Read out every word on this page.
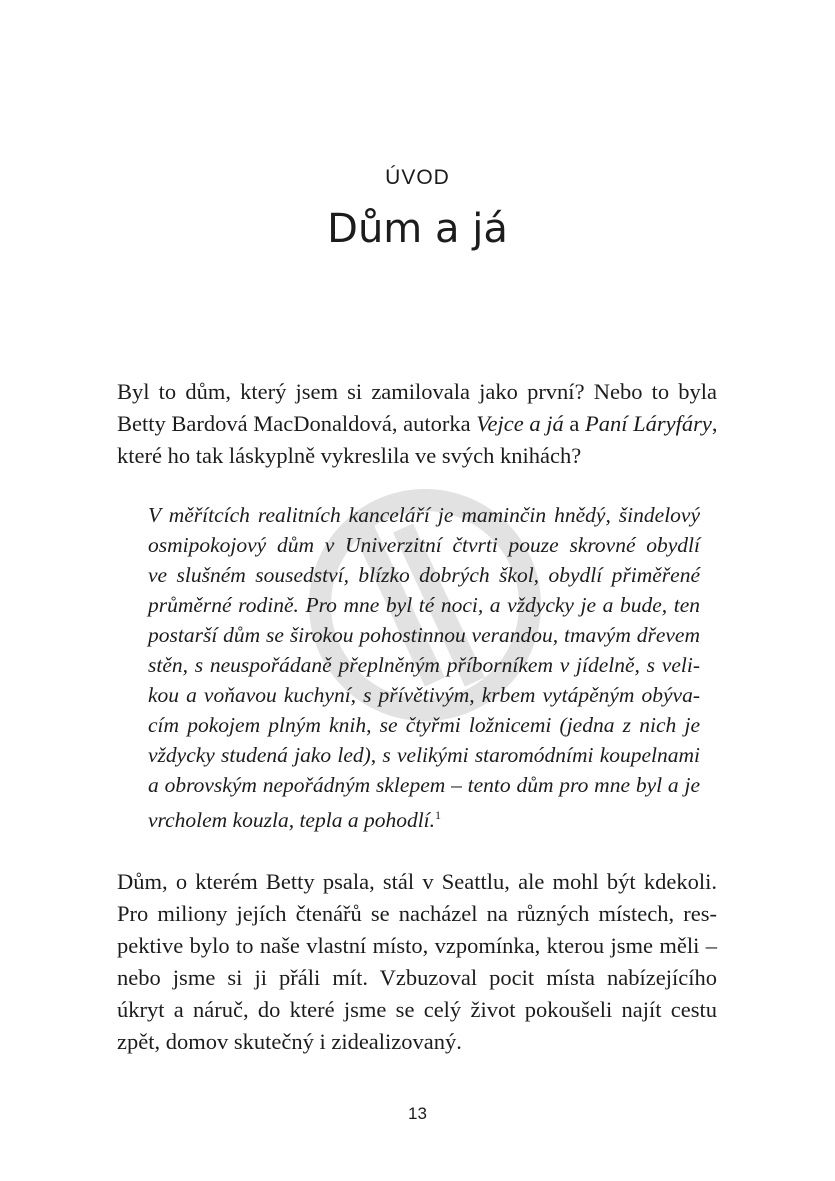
ÚVOD
Dům a já
Byl to dům, který jsem si zamilovala jako první? Nebo to byla
Betty Bardová MacDonaldová, autorka Vejce a já a Paní Láryfáry,
které ho tak láskyplně vykreslila ve svých knihách?
V měřítcích realitních kanceláří je maminčin hnědý, šindelový
osmipokojový dům v Univerzitní čtvrti pouze skrovné obydlí
ve slušném sousedství, blízko dobrých škol, obydlí přiměřené
průměrné rodině. Pro mne byl té noci, a vždycky je a bude, ten
postarší dům se širokou pohostinnou verandou, tmavým dřevem
stěn, s neuspořádaně přeplněným příborníkem v jídelně, s veli-
kou a voňavou kuchyní, s přívětivým, krbem vytápěným obýva-
cím pokojem plným knih, se čtyřmi ložnicemi (jedna z nich je
vždycky studená jako led), s velikými staromódními koupelnami
a obrovským nepořádným sklepem – tento dům pro mne byl a je
vrcholem kouzla, tepla a pohodlí.$^1$
Dům, o kterém Betty psala, stál v Seattlu, ale mohl být kdekoli.
Pro miliony jejích čtenářů se nacházel na různých místech, res-
pektive bylo to naše vlastní místo, vzpomínka, kterou jsme měli –
nebo jsme si ji přáli mít. Vzbuzoval pocit místa nabízejícího
úkryt a náruč, do které jsme se celý život pokoušeli najít cestu
zpět, domov skutečný i zidealizovaný.
13
